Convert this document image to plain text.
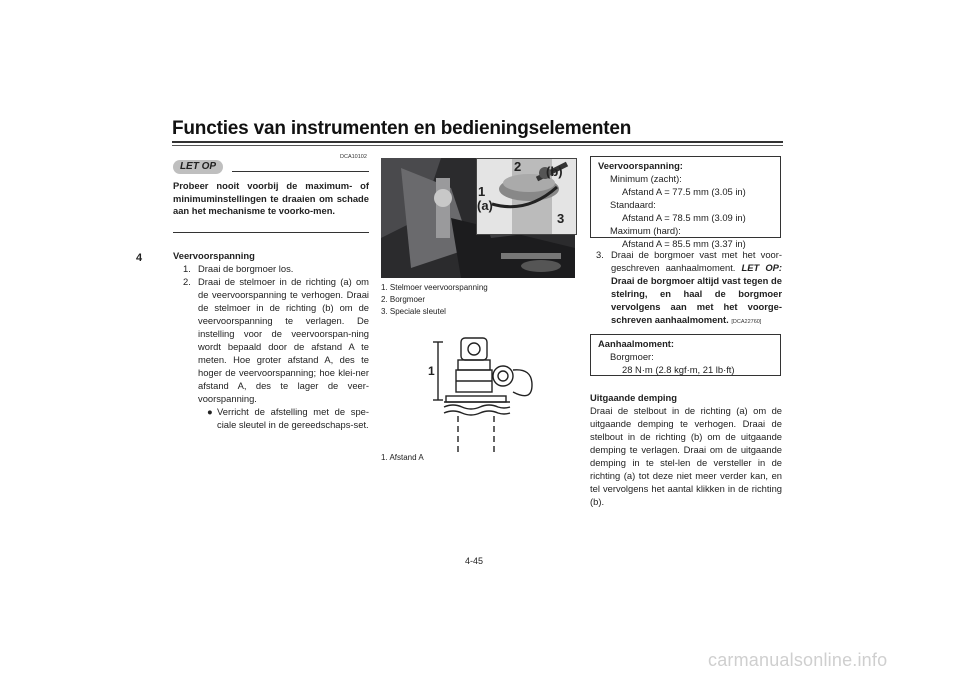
Functies van instrumenten en bedieningselementen
4
LET OP
DCA10102
Probeer nooit voorbij de maximum- of minimuminstellingen te draaien om schade aan het mechanisme te voorko-men.
Veervoorspanning
1. Draai de borgmoer los.
2. Draai de stelmoer in de richting (a) om de veervoorspanning te verhogen. Draai de stelmoer in de richting (b) om de veervoorspanning te verlagen. De instelling voor de veervoorspan-ning wordt bepaald door de afstand A te meten. Hoe groter afstand A, des te hoger de veervoorspanning; hoe klei-ner afstand A, des te lager de veer-voorspanning.
● Verricht de afstelling met de spe-ciale sleutel in de gereedschaps-set.
1
(a)
2 (b)
3
1. Stelmoer veervoorspanning
2. Borgmoer
3. Speciale sleutel
1
1. Afstand A
Veervoorspanning:
Minimum (zacht):
Afstand A = 77.5 mm (3.05 in)
Standaard:
Afstand A = 78.5 mm (3.09 in)
Maximum (hard):
Afstand A = 85.5 mm (3.37 in)
3. Draai de borgmoer vast met het voor-geschreven aanhaalmoment. LET OP: Draai de borgmoer altijd vast tegen de stelring, en haal de borgmoer vervolgens aan met het voorge-schreven aanhaalmoment. [DCA22760]
Aanhaalmoment:
Borgmoer:
28 N·m (2.8 kgf·m, 21 lb·ft)
Uitgaande demping
Draai de stelbout in de richting (a) om de uitgaande demping te verhogen. Draai de stelbout in de richting (b) om de uitgaande demping te verlagen. Draai om de uitgaande demping in te stel-len de versteller in de richting (a) tot deze niet meer verder kan, en tel vervolgens het aantal klikken in de richting (b).
4-45
carmanualsonline.info
